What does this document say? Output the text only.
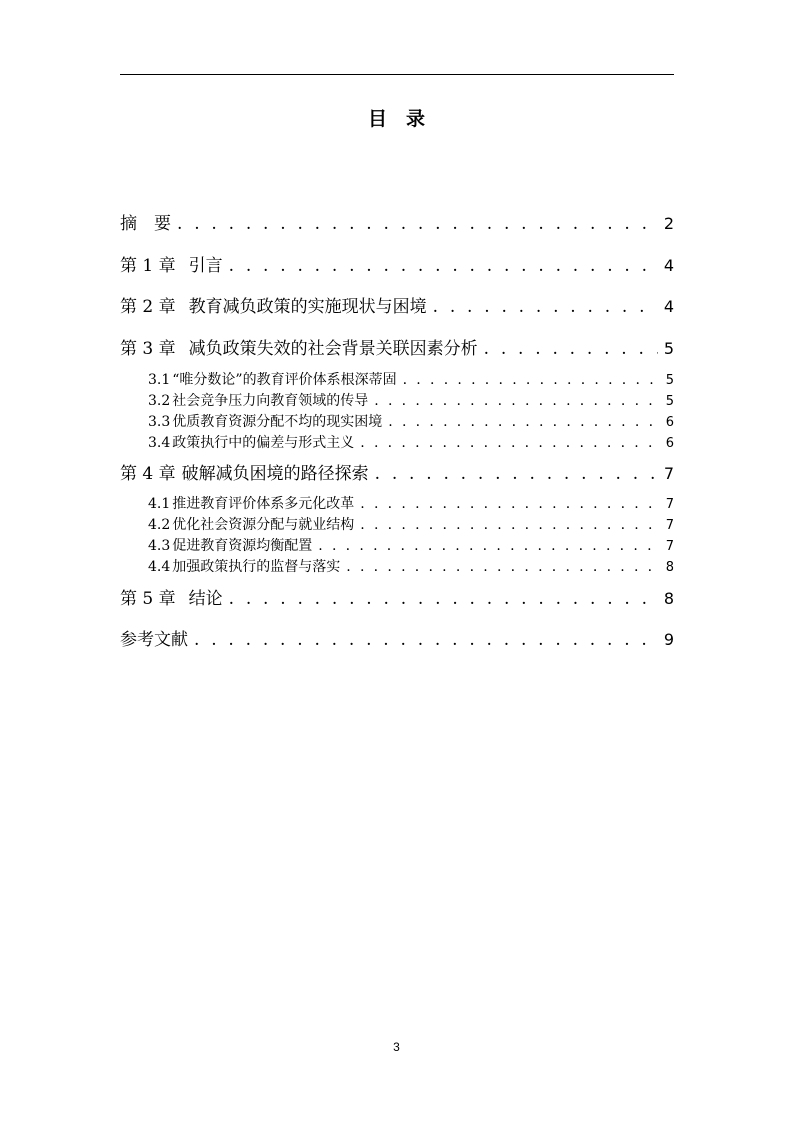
目　录
摘　要 . . .	2
第 1 章 引言 . . .	4
第 2 章 教育减负政策的实施现状与困境 . . .	4
第 3 章 减负政策失效的社会背景关联因素分析 . . .	5
3.1 “唯分数论”的教育评价体系根深蒂固 . . .	5
3.2 社会竞争压力向教育领域的传导 . . .	5
3.3 优质教育资源分配不均的现实困境 . . .	6
3.4 政策执行中的偏差与形式主义 . . .	6
第 4 章 破解减负困境的路径探索 . . .	7
4.1 推进教育评价体系多元化改革 . . .	7
4.2 优化社会资源分配与就业结构 . . .	7
4.3 促进教育资源均衡配置 . . .	7
4.4 加强政策执行的监督与落实 . . .	8
第 5 章 结论 . . .	8
参考文献 . . .	9
3
